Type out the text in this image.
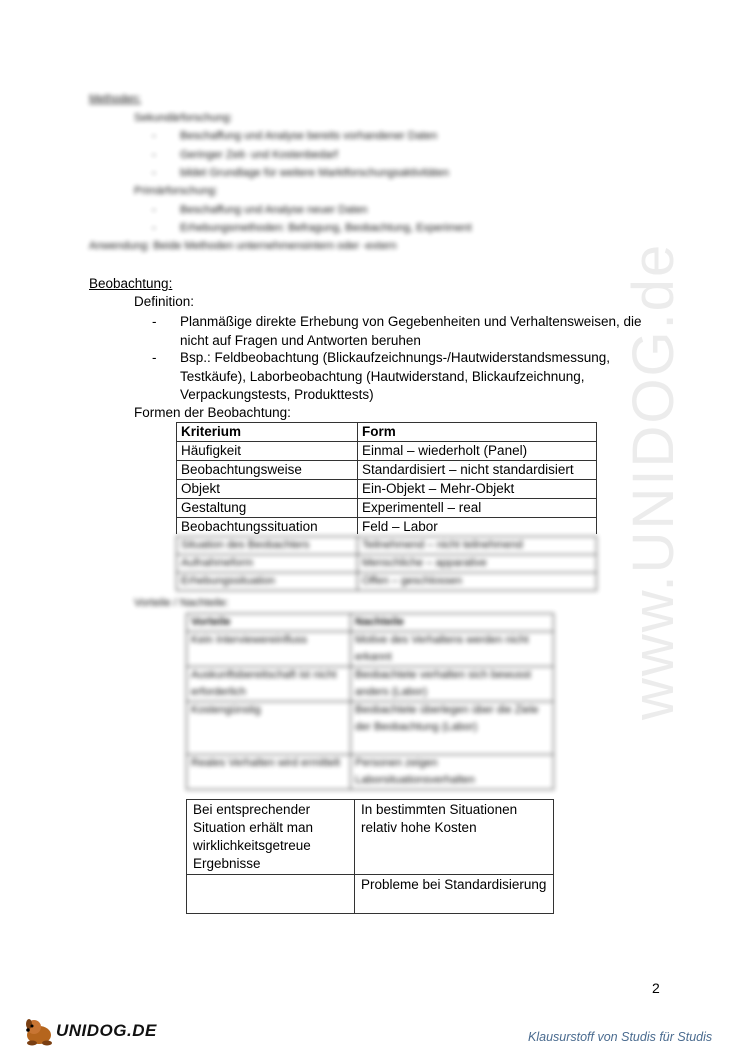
www.UNIDOG.de
Methoden:
Sekundärforschung:
- Beschaffung und Analyse bereits vorhandener Daten
- Geringer Zeit- und Kostenbedarf
- bildet Grundlage für weitere Marktforschungsaktivitäten
Primärforschung:
- Beschaffung und Analyse neuer Daten
- Erhebungsmethoden: Befragung, Beobachtung, Experiment
Anwendung: Beide Methoden unternehmensintern oder -extern
Beobachtung:
Definition:
- Planmäßige direkte Erhebung von Gegebenheiten und Verhaltensweisen, die nicht auf Fragen und Antworten beruhen
- Bsp.: Feldbeobachtung (Blickaufzeichnungs-/Hautwiderstandsmessung, Testkäufe), Laborbeobachtung (Hautwiderstand, Blickaufzeichnung, Verpackungstests, Produkttests)
Formen der Beobachtung:
Kriterium	Form
Häufigkeit	Einmal – wiederholt (Panel)
Beobachtungsweise	Standardisiert – nicht standardisiert
Objekt	Ein-Objekt – Mehr-Objekt
Gestaltung	Experimentell – real
Beobachtungssituation	Feld – Labor
Situation des Beobachters	Teilnehmend – nicht teilnehmend
Aufnahmeform	Menschliche – apparative
Erhebungssituation	Offen – geschlossen
Vorteile / Nachteile:
Vorteile	Nachteile
Kein Interviewereinfluss	Motive des Verhaltens werden nicht erkannt
Auskunftsbereitschaft ist nicht erforderlich	Beobachtete verhalten sich bewusst anders (Labor)
Kostengünstig	Beobachtete überlegen über die Ziele der Beobachtung (Labor)
Reales Verhalten wird ermittelt	Personen zeigen Laborsituationsverhalten
Bei entsprechender Situation erhält man wirklichkeitsgetreue Ergebnisse	In bestimmten Situationen relativ hohe Kosten
	Probleme bei Standardisierung
2
UNIDOG.DE	Klausurstoff von Studis für Studis
